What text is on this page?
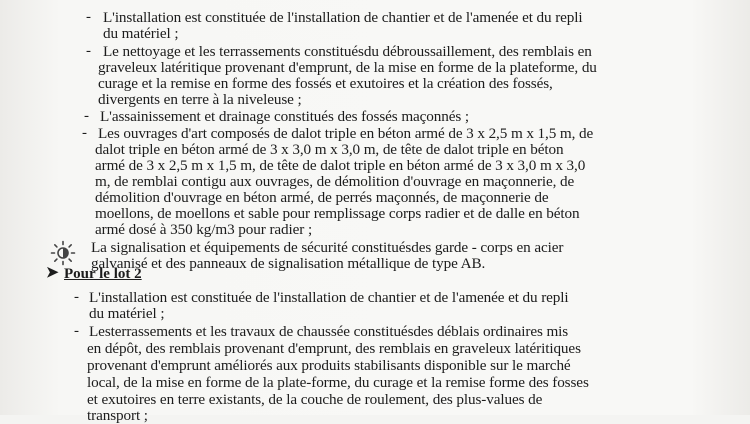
- L'installation est constituée de l'installation de chantier et de l'amenée et du repli
du matériel ;
- Le nettoyage et les terrassements constituésdu débroussaillement, des remblais en
graveleux latéritique provenant d'emprunt, de la mise en forme de la plateforme, du
curage et la remise en forme des fossés et exutoires et la création des fossés,
divergents en terre à la niveleuse ;
- L'assainissement et drainage constitués des fossés maçonnés ;
- Les ouvrages d'art composés de dalot triple en béton armé de 3 x 2,5 m x 1,5 m, de
dalot triple en béton armé de 3 x 3,0 m x 3,0 m, de tête de dalot triple en béton
armé de 3 x 2,5 m x 1,5 m, de tête de dalot triple en béton armé de 3 x 3,0 m x 3,0
m, de remblai contigu aux ouvrages, de démolition d'ouvrage en maçonnerie, de
démolition d'ouvrage en béton armé, de perrés maçonnés, de maçonnerie de
moellons, de moellons et sable pour remplissage corps radier et de dalle en béton
armé dosé à 350 kg/m3 pour radier ;
La signalisation et équipements de sécurité constituésdes garde - corps en acier
galvanisé et des panneaux de signalisation métallique de type AB.
➤ Pour le lot 2
- L'installation est constituée de l'installation de chantier et de l'amenée et du repli
du matériel ;
- Lesterrassements et les travaux de chaussée constituésdes déblais ordinaires mis
en dépôt, des remblais provenant d'emprunt, des remblais en graveleux latéritiques
provenant d'emprunt améliorés aux produits stabilisants disponible sur le marché
local, de la mise en forme de la plate-forme, du curage et la remise forme des fosses
et exutoires en terre existants, de la couche de roulement, des plus-values de
transport ;
